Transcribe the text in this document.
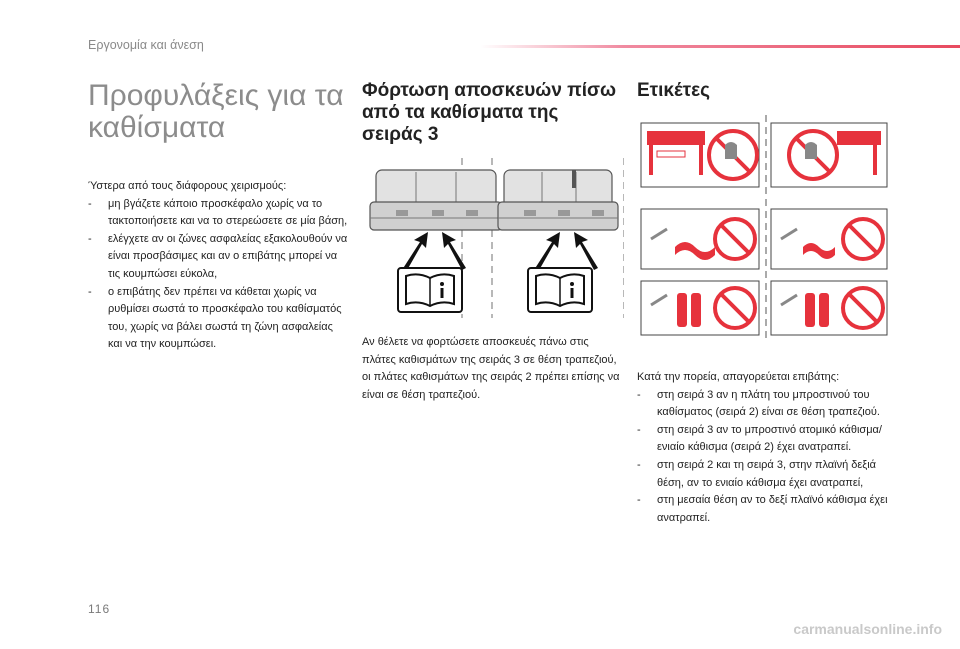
Εργονομία και άνεση
Προφυλάξεις για τα καθίσματα

Ύστερα από τους διάφορους χειρισμούς:

- μη βγάζετε κάποιο προσκέφαλο χωρίς να το τακτοποιήσετε και να το στερεώσετε σε μία βάση,
- ελέγχετε αν οι ζώνες ασφαλείας εξακολουθούν να είναι προσβάσιμες και αν ο επιβάτης μπορεί να τις κουμπώσει εύκολα,
- ο επιβάτης δεν πρέπει να κάθεται χωρίς να ρυθμίσει σωστά το προσκέφαλο του καθίσματός του, χωρίς να βάλει σωστά τη ζώνη ασφαλείας και να την κουμπώσει.
Φόρτωση αποσκευών πίσω από τα καθίσματα της σειράς 3

Αν θέλετε να φορτώσετε αποσκευές πάνω στις πλάτες καθισμάτων της σειράς 3 σε θέση τραπεζιού, οι πλάτες καθισμάτων της σειράς 2 πρέπει επίσης να είναι σε θέση τραπεζιού.

Ετικέτες

Κατά την πορεία, απαγορεύεται επιβάτης:

- στη σειρά 3 αν η πλάτη του μπροστινού του καθίσματος (σειρά 2) είναι σε θέση τραπεζιού.
- στη σειρά 3 αν το μπροστινό ατομικό κάθισμα/ενιαίο κάθισμα (σειρά 2) έχει ανατραπεί.
- στη σειρά 2 και τη σειρά 3, στην πλαϊνή δεξιά θέση, αν το ενιαίο κάθισμα έχει ανατραπεί,
- στη μεσαία θέση αν το δεξί πλαϊνό κάθισμα έχει ανατραπεί.
116
carmanualsonline.info
